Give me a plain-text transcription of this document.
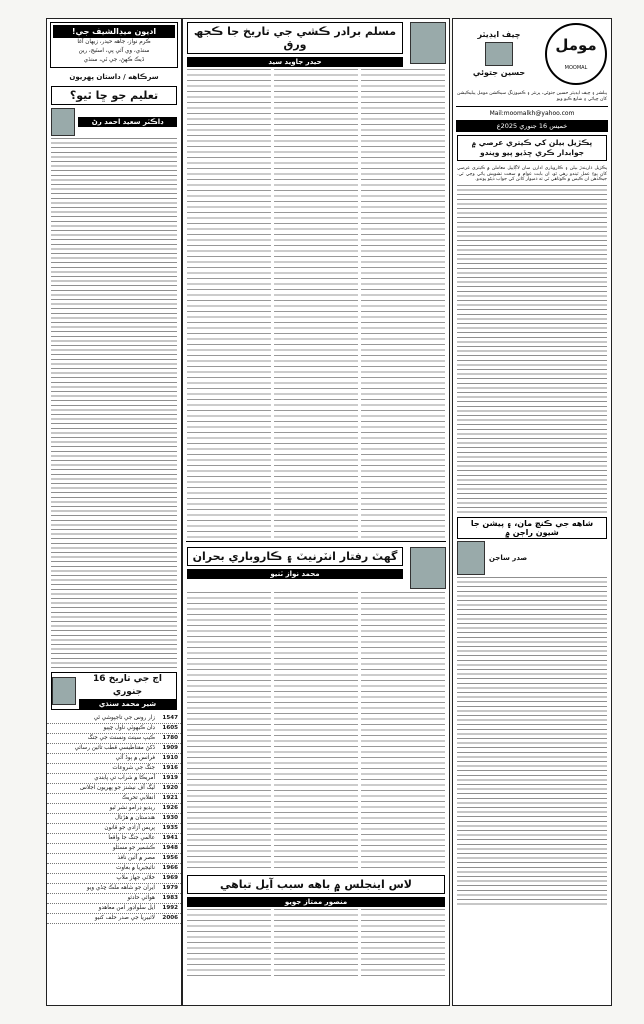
مومل
MOOMAL
چيف ايڊيٽر
حسين جتوئي
پبلشر ۽ چيف ايڊيٽر حسين جتوئي، پرنٽر ۽ ڪمپوزنگ سيڪشن مومل پبليڪيشن کان ڇپائي ۽ شايع ڪيو ويو
Mail:moomalkh@yahoo.com
خميس 16 جنوري 2025ع
پڪڙيل بيلن کي ڪيتري عرصي ۾ جوابدار ڪري ڇڏيو پيو ويندو
پڪڙيل ڌاريندڙ بيلن ۽ ڪاروباري ادارن سان لاڳاپيل معاملن ۾ ڪيتري عرصي کان پوءِ عمل ٿيندو رهي ٿو، ان بابت عوام ۾ سخت تشويش پائي وڃي ٿي. جيڪڏهن ان ڪيس ۾ ڪوتاهي ٿي ته ذميوار کاتن کي جواب ڏيڻو پوندو.
شاهه جي ڪنچ مان، ۽ پيشن جا شيون راڄن ۾
صدر ساجن
مسلم برادر ڪشي جي تاريخ جا ڪجھ ورق
حيدر جاويد سيد
گھٽ رفتار انٽرنيٽ ۽ ڪاروباري بحران
محمد نواز ٽنيو
لاس اينجلس ۾ باهه سبب آيل تباهي
منصور ممتاز جويو
اديون ميڊالشيف جي!
ڪرم نواز، جاهه حيدر، زيهان آغا
سنڌي، وي آئي پي، اسٽيج، رين
ڏيڪ ڪهڻ، جي ٽي، سنڌي
سرڪاهه / داستان پهريون
تعليم جو ڇا ٿيو؟
ڊاڪٽر سعيد احمد رڻ
اڄ جي تاريخ 16 جنوري
شير محمد سنڌي
1547
زار روس جي تاجپوشي ٿي
1605
ڊان ڪيهوٽي ناول ڇپيو
1780
ڪيپ سينٽ ونسنٽ جي جنگ
1909
ڏکڻ مقناطيسي قطب تائين رسائي
1910
فرانس ۾ ٻوڏ آئي
1916
جنگ جي شروعات
1919
آمريڪا ۾ شراب تي پابندي
1920
ليگ آف نيشنز جو پهريون اجلاس
1921
انقلابي تحريڪ
1926
ريڊيو ڊرامو نشر ٿيو
1930
هندستان ۾ هڙتال
1935
پريس آزادي جو قانون
1941
عالمي جنگ جا واقعا
1948
ڪشمير جو مسئلو
1956
مصر ۾ آئين نافذ
1966
نائيجيريا ۾ بغاوت
1969
خلائي جهاز ملاپ
1979
ايران جو شاهه ملڪ ڇڏي ويو
1983
هوائي حادثو
1992
ايل سلواڊور امن معاهدو
2006
لائبيريا جي صدر حلف کنيو
